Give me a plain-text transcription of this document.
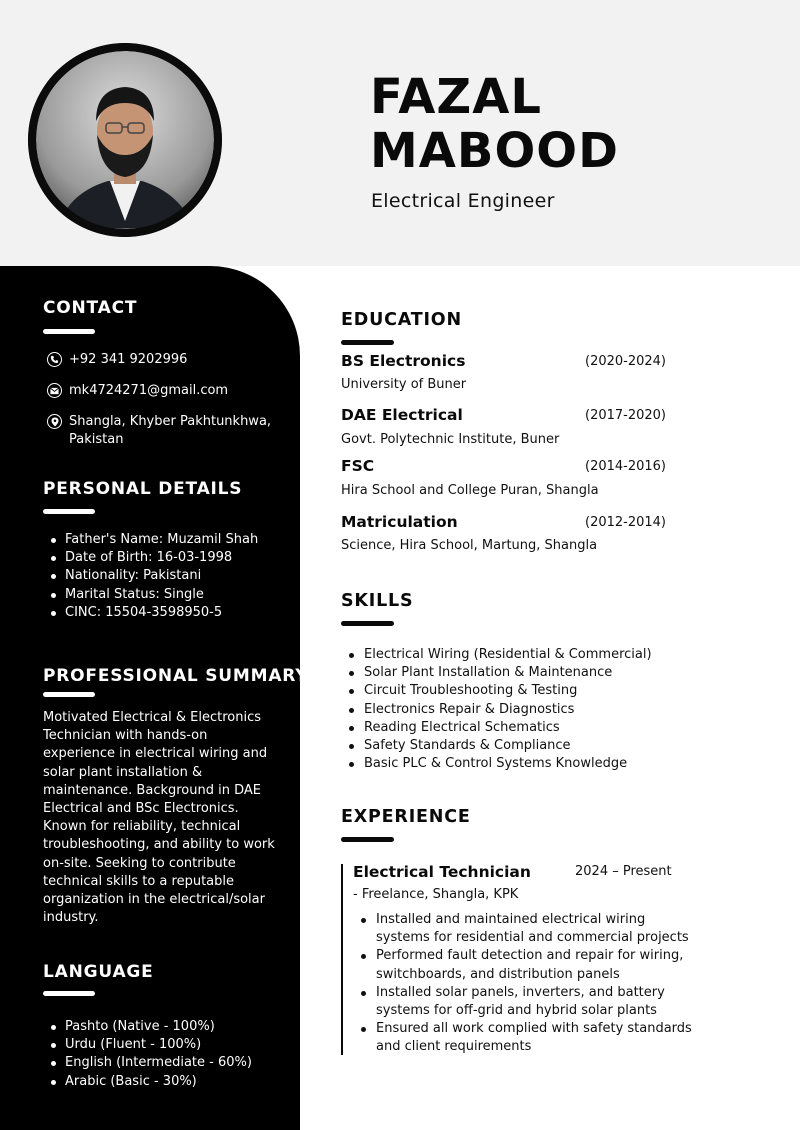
FAZAL
MABOOD
Electrical Engineer
CONTACT
+92 341 9202996
mk4724271@gmail.com
Shangla, Khyber Pakhtunkhwa,
Pakistan
PERSONAL DETAILS
Father's Name: Muzamil Shah
Date of Birth: 16-03-1998
Nationality: Pakistani
Marital Status: Single
CINC: 15504-3598950-5
PROFESSIONAL SUMMARY
Motivated Electrical & Electronics
Technician with hands-on
experience in electrical wiring and
solar plant installation &
maintenance. Background in DAE
Electrical and BSc Electronics.
Known for reliability, technical
troubleshooting, and ability to work
on-site. Seeking to contribute
technical skills to a reputable
organization in the electrical/solar
industry.
LANGUAGE
Pashto (Native - 100%)
Urdu (Fluent - 100%)
English (Intermediate - 60%)
Arabic (Basic - 30%)
EDUCATION
BS Electronics	(2020-2024)
University of Buner
DAE Electrical	(2017-2020)
Govt. Polytechnic Institute, Buner
FSC	(2014-2016)
Hira School and College Puran, Shangla
Matriculation	(2012-2014)
Science, Hira School, Martung, Shangla
SKILLS
Electrical Wiring (Residential & Commercial)
Solar Plant Installation & Maintenance
Circuit Troubleshooting & Testing
Electronics Repair & Diagnostics
Reading Electrical Schematics
Safety Standards & Compliance
Basic PLC & Control Systems Knowledge
EXPERIENCE
Electrical Technician	2024 – Present
- Freelance, Shangla, KPK
Installed and maintained electrical wiring systems for residential and commercial projects
Performed fault detection and repair for wiring, switchboards, and distribution panels
Installed solar panels, inverters, and battery systems for off-grid and hybrid solar plants
Ensured all work complied with safety standards and client requirements
